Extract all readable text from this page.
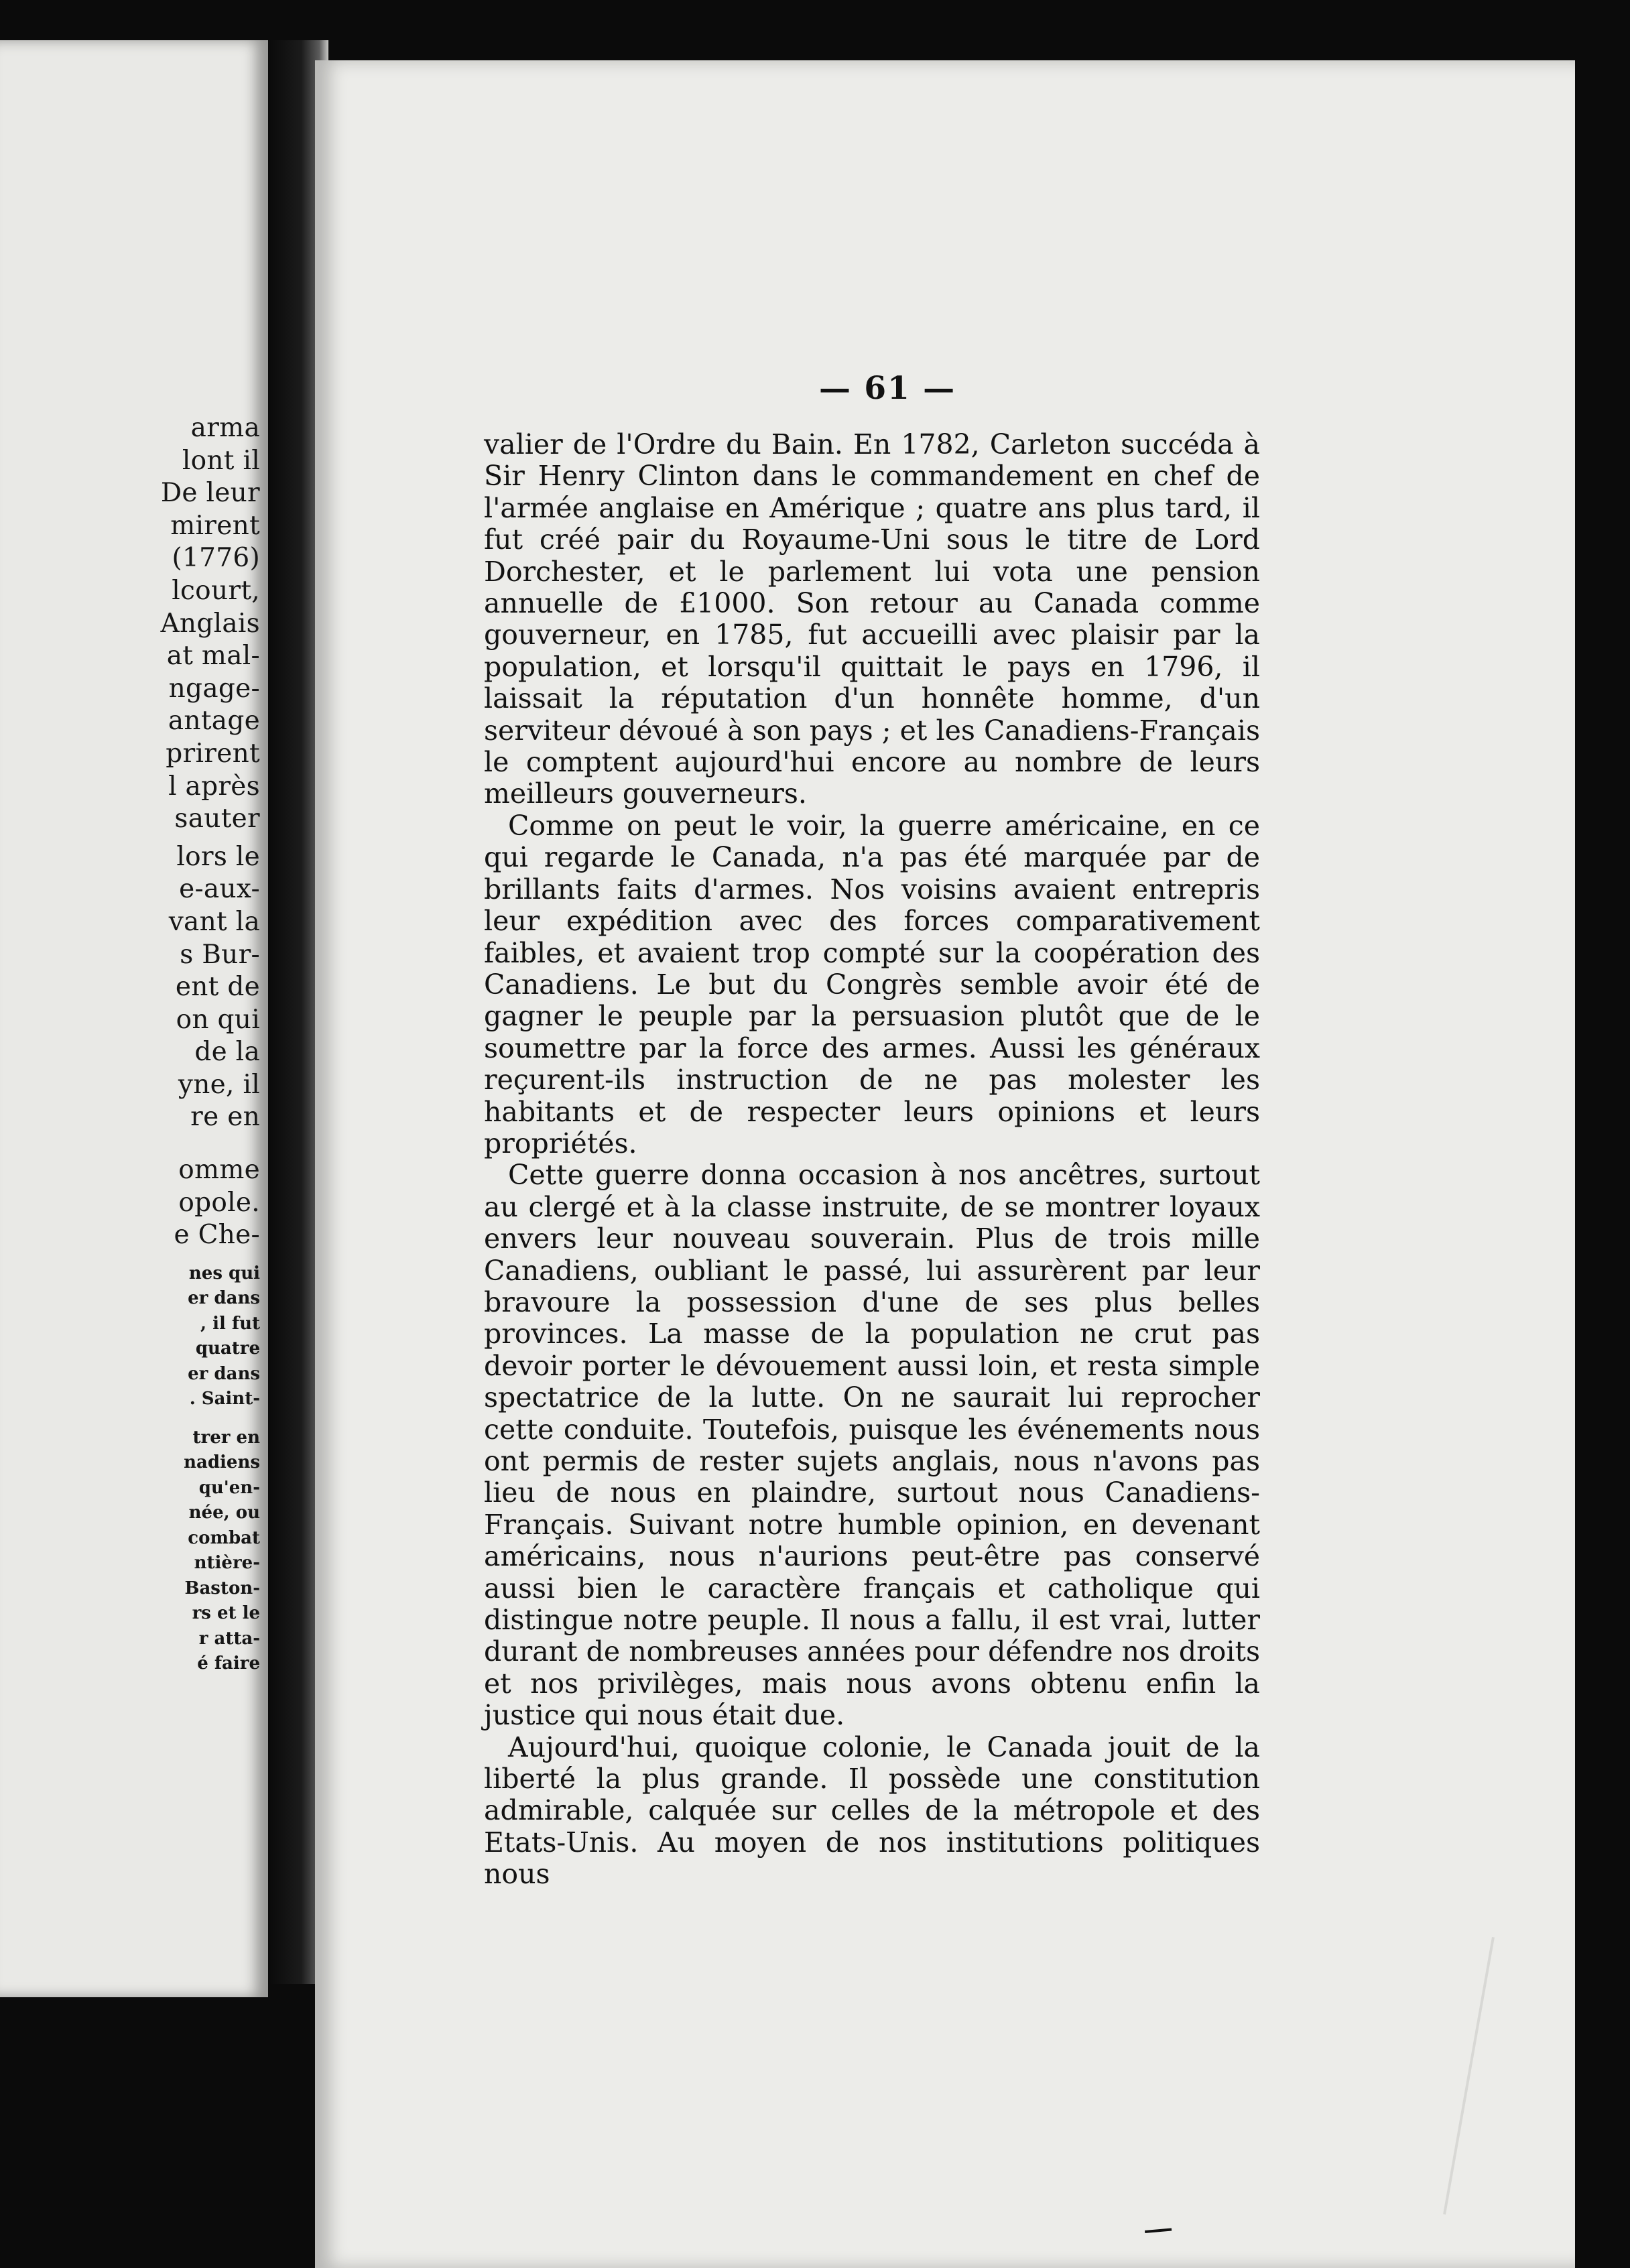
arma
lont il
De leur
mirent
(1776)
lcourt,
Anglais
at mal-
ngage-
antage
prirent
l après
sauter
lors le
e-aux-
vant la
s Bur-
ent de
on qui
de la
yne, il
re en
omme
opole.
e Che-
nes qui
er dans
, il fut
quatre
er dans
. Saint-
trer en
nadiens
qu'en-
née, ou
combat
ntière-
Baston-
rs et le
r atta-
é faire
— 61 —

valier de l'Ordre du Bain. En 1782, Carleton succéda à Sir Henry Clinton dans le commandement en chef de l'armée anglaise en Amérique ; quatre ans plus tard, il fut créé pair du Royaume-Uni sous le titre de Lord Dorchester, et le parlement lui vota une pension annuelle de £1000. Son retour au Canada comme gouverneur, en 1785, fut accueilli avec plaisir par la population, et lorsqu'il quittait le pays en 1796, il laissait la réputation d'un honnête homme, d'un serviteur dévoué à son pays ; et les Canadiens-Français le comptent aujourd'hui encore au nombre de leurs meilleurs gouverneurs.

Comme on peut le voir, la guerre américaine, en ce qui regarde le Canada, n'a pas été marquée par de brillants faits d'armes. Nos voisins avaient entrepris leur expédition avec des forces comparativement faibles, et avaient trop compté sur la coopération des Canadiens. Le but du Congrès semble avoir été de gagner le peuple par la persuasion plutôt que de le soumettre par la force des armes. Aussi les généraux reçurent-ils instruction de ne pas molester les habitants et de respecter leurs opinions et leurs propriétés.

Cette guerre donna occasion à nos ancêtres, surtout au clergé et à la classe instruite, de se montrer loyaux envers leur nouveau souverain. Plus de trois mille Canadiens, oubliant le passé, lui assurèrent par leur bravoure la possession d'une de ses plus belles provinces. La masse de la population ne crut pas devoir porter le dévouement aussi loin, et resta simple spectatrice de la lutte. On ne saurait lui reprocher cette conduite. Toutefois, puisque les événements nous ont permis de rester sujets anglais, nous n'avons pas lieu de nous en plaindre, surtout nous Canadiens-Français. Suivant notre humble opinion, en devenant américains, nous n'aurions peut-être pas conservé aussi bien le caractère français et catholique qui distingue notre peuple. Il nous a fallu, il est vrai, lutter durant de nombreuses années pour défendre nos droits et nos privilèges, mais nous avons obtenu enfin la justice qui nous était due.

Aujourd'hui, quoique colonie, le Canada jouit de la liberté la plus grande. Il possède une constitution admirable, calquée sur celles de la métropole et des Etats-Unis. Au moyen de nos institutions politiques nous
